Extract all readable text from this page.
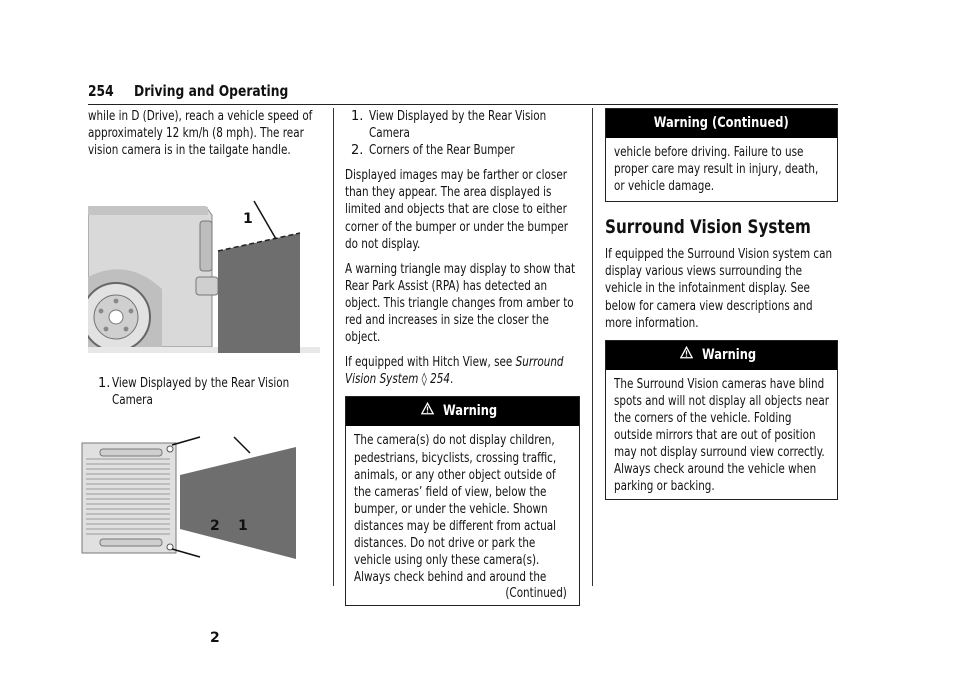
254 Driving and Operating

while in D (Drive), reach a vehicle speed of approximately 12 km/h (8 mph). The rear vision camera is in the tailgate handle.

1
1. View Displayed by the Rear Vision Camera
2 1
2
1. View Displayed by the Rear Vision Camera
2. Corners of the Rear Bumper

Displayed images may be farther or closer than they appear. The area displayed is limited and objects that are close to either corner of the bumper or under the bumper do not display.

A warning triangle may display to show that Rear Park Assist (RPA) has detected an object. This triangle changes from amber to red and increases in size the closer the object.

If equipped with Hitch View, see Surround Vision System ◊ 254.

Warning

The camera(s) do not display children, pedestrians, bicyclists, crossing traffic, animals, or any other object outside of the cameras’ field of view, below the bumper, or under the vehicle. Shown distances may be different from actual distances. Do not drive or park the vehicle using only these camera(s). Always check behind and around the

(Continued)
Warning (Continued)

vehicle before driving. Failure to use proper care may result in injury, death, or vehicle damage.

Surround Vision System

If equipped the Surround Vision system can display various views surrounding the vehicle in the infotainment display. See below for camera view descriptions and more information.

Warning

The Surround Vision cameras have blind spots and will not display all objects near the corners of the vehicle. Folding outside mirrors that are out of position may not display surround view correctly. Always check around the vehicle when parking or backing.
